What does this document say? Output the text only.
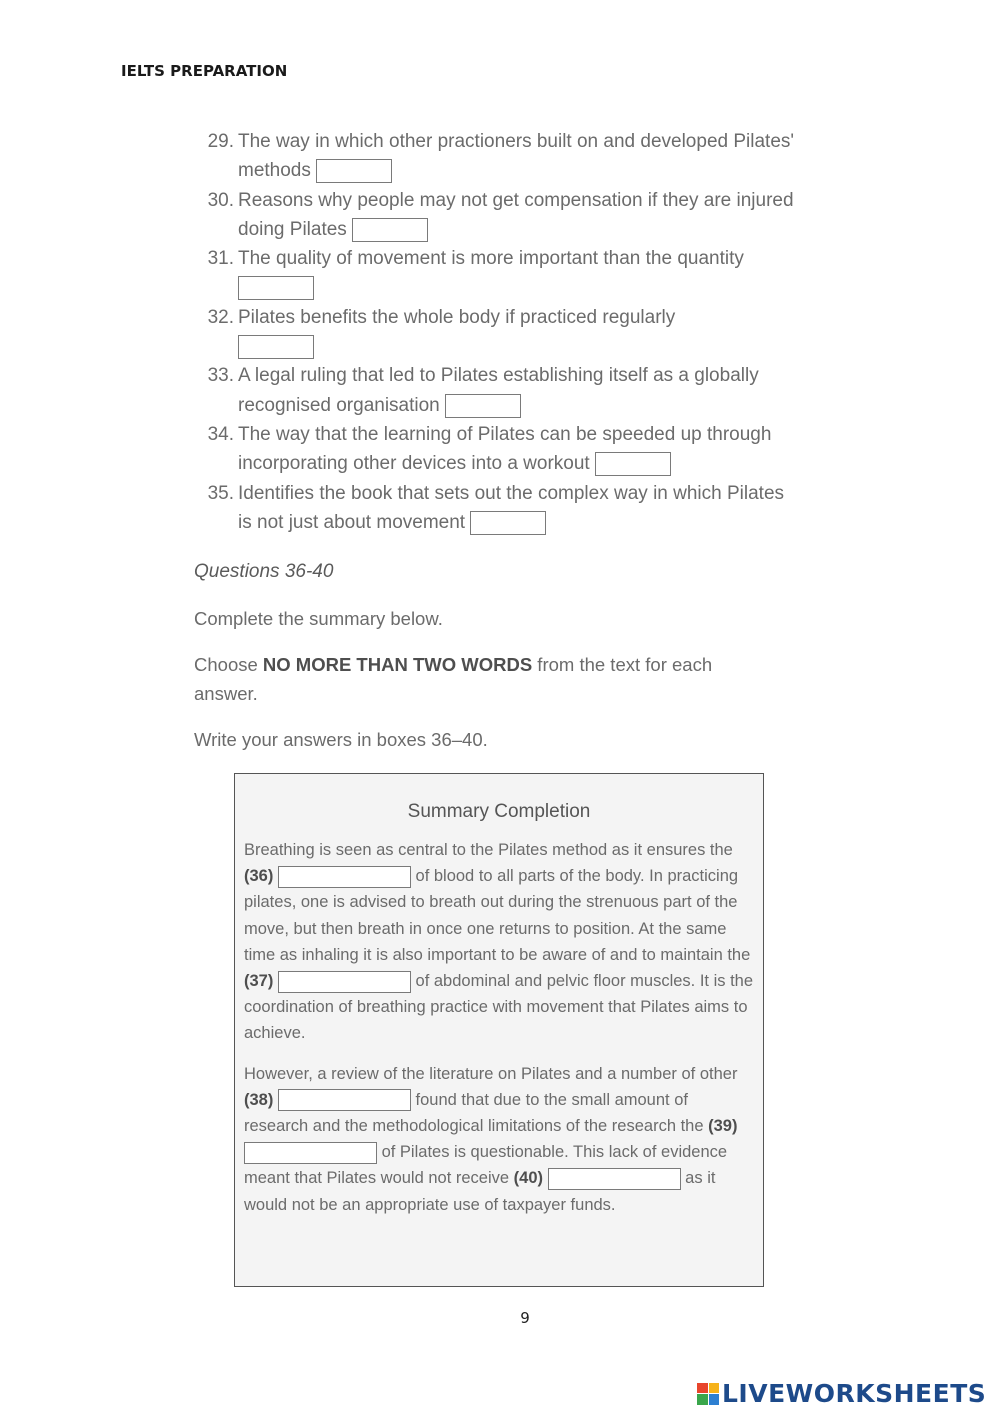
IELTS PREPARATION
29. The way in which other practioners built on and developed Pilates' methods
30. Reasons why people may not get compensation if they are injured doing Pilates
31. The quality of movement is more important than the quantity

32. Pilates benefits the whole body if practiced regularly

33. A legal ruling that led to Pilates establishing itself as a globally recognised organisation
34. The way that the learning of Pilates can be speeded up through incorporating other devices into a workout
35. Identifies the book that sets out the complex way in which Pilates is not just about movement
Questions 36-40

Complete the summary below.

Choose NO MORE THAN TWO WORDS from the text for each answer.

Write your answers in boxes 36–40.

Summary Completion

Breathing is seen as central to the Pilates method as it ensures the (36)	of blood to all parts of the body. In practicing pilates, one is advised to breath out during the strenuous part of the move, but then breath in once one returns to position. At the same time as inhaling it is also important to be aware of and to maintain the (37)	of abdominal and pelvic floor muscles. It is the coordination of breathing practice with movement that Pilates aims to achieve.

However, a review of the literature on Pilates and a number of other (38)	found that due to the small amount of research and the methodological limitations of the research the (39)  of Pilates is questionable. This lack of evidence meant that Pilates would not receive (40)	as it would not be an appropriate use of taxpayer funds.

9
LIVEWORKSHEETS
